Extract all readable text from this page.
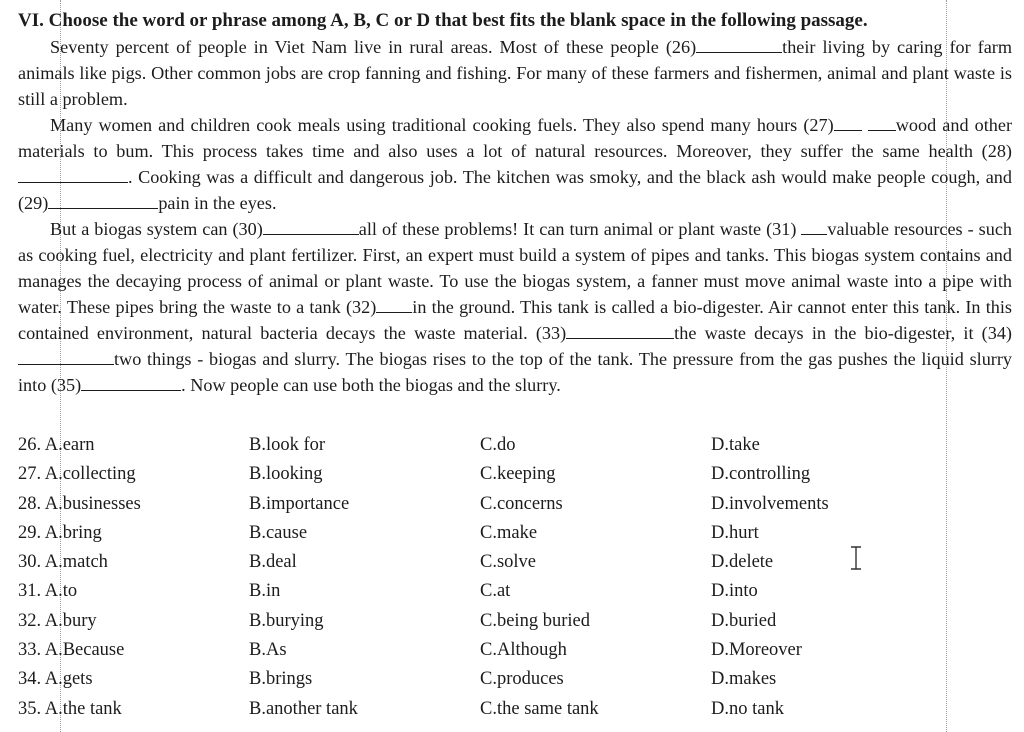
VI. Choose the word or phrase among A, B, C or D that best fits the blank space in the following passage.

Seventy percent of people in Viet Nam live in rural areas. Most of these people (26)	their living by caring for farm animals like pigs. Other common jobs are crop fanning and fishing. For many of these farmers and fishermen, animal and plant waste is still a problem.

Many women and children cook meals using traditional cooking fuels. They also spend many hours (27)	wood and other materials to bum. This process takes time and also uses a lot of natural resources. Moreover, they suffer the same health (28). Cooking was a difficult and dangerous job. The kitchen was smoky, and the black ash would make people cough, and (29)	pain in the eyes.

But a biogas system can (30)	all of these problems! It can turn animal or plant waste (31) valuable resources - such as cooking fuel, electricity and plant fertilizer. First, an expert must build a system of pipes and tanks. This biogas system contains and manages the decaying process of animal or plant waste. To use the biogas system, a fanner must move animal waste into a pipe with water. These pipes bring the waste to a tank (32) in the ground. This tank is called a bio-digester. Air cannot enter this tank. In this contained environment, natural bacteria decays the waste material. (33)	the waste decays in the bio-digester, it (34)two things - biogas and slurry. The biogas rises to the top of the tank. The pressure from the gas pushes the liquid slurry into (35)	. Now people can use both the biogas and the slurry.

26. A.earn	B.look for	C.do	D.take
27. A.collecting	B.looking	C.keeping	D.controlling
28. A.businesses	B.importance	C.concerns	D.involvements
29. A.bring	B.cause	C.make	D.hurt
30. A.match	B.deal	C.solve	D.delete
31. A.to	B.in	C.at	D.into
32. A.bury	B.burying	C.being buried	D.buried
33. A.Because	B.As	C.Although	D.Moreover
34. A.gets	B.brings	C.produces	D.makes
35. A.the tank	B.another tank	C.the same tank	D.no tank
